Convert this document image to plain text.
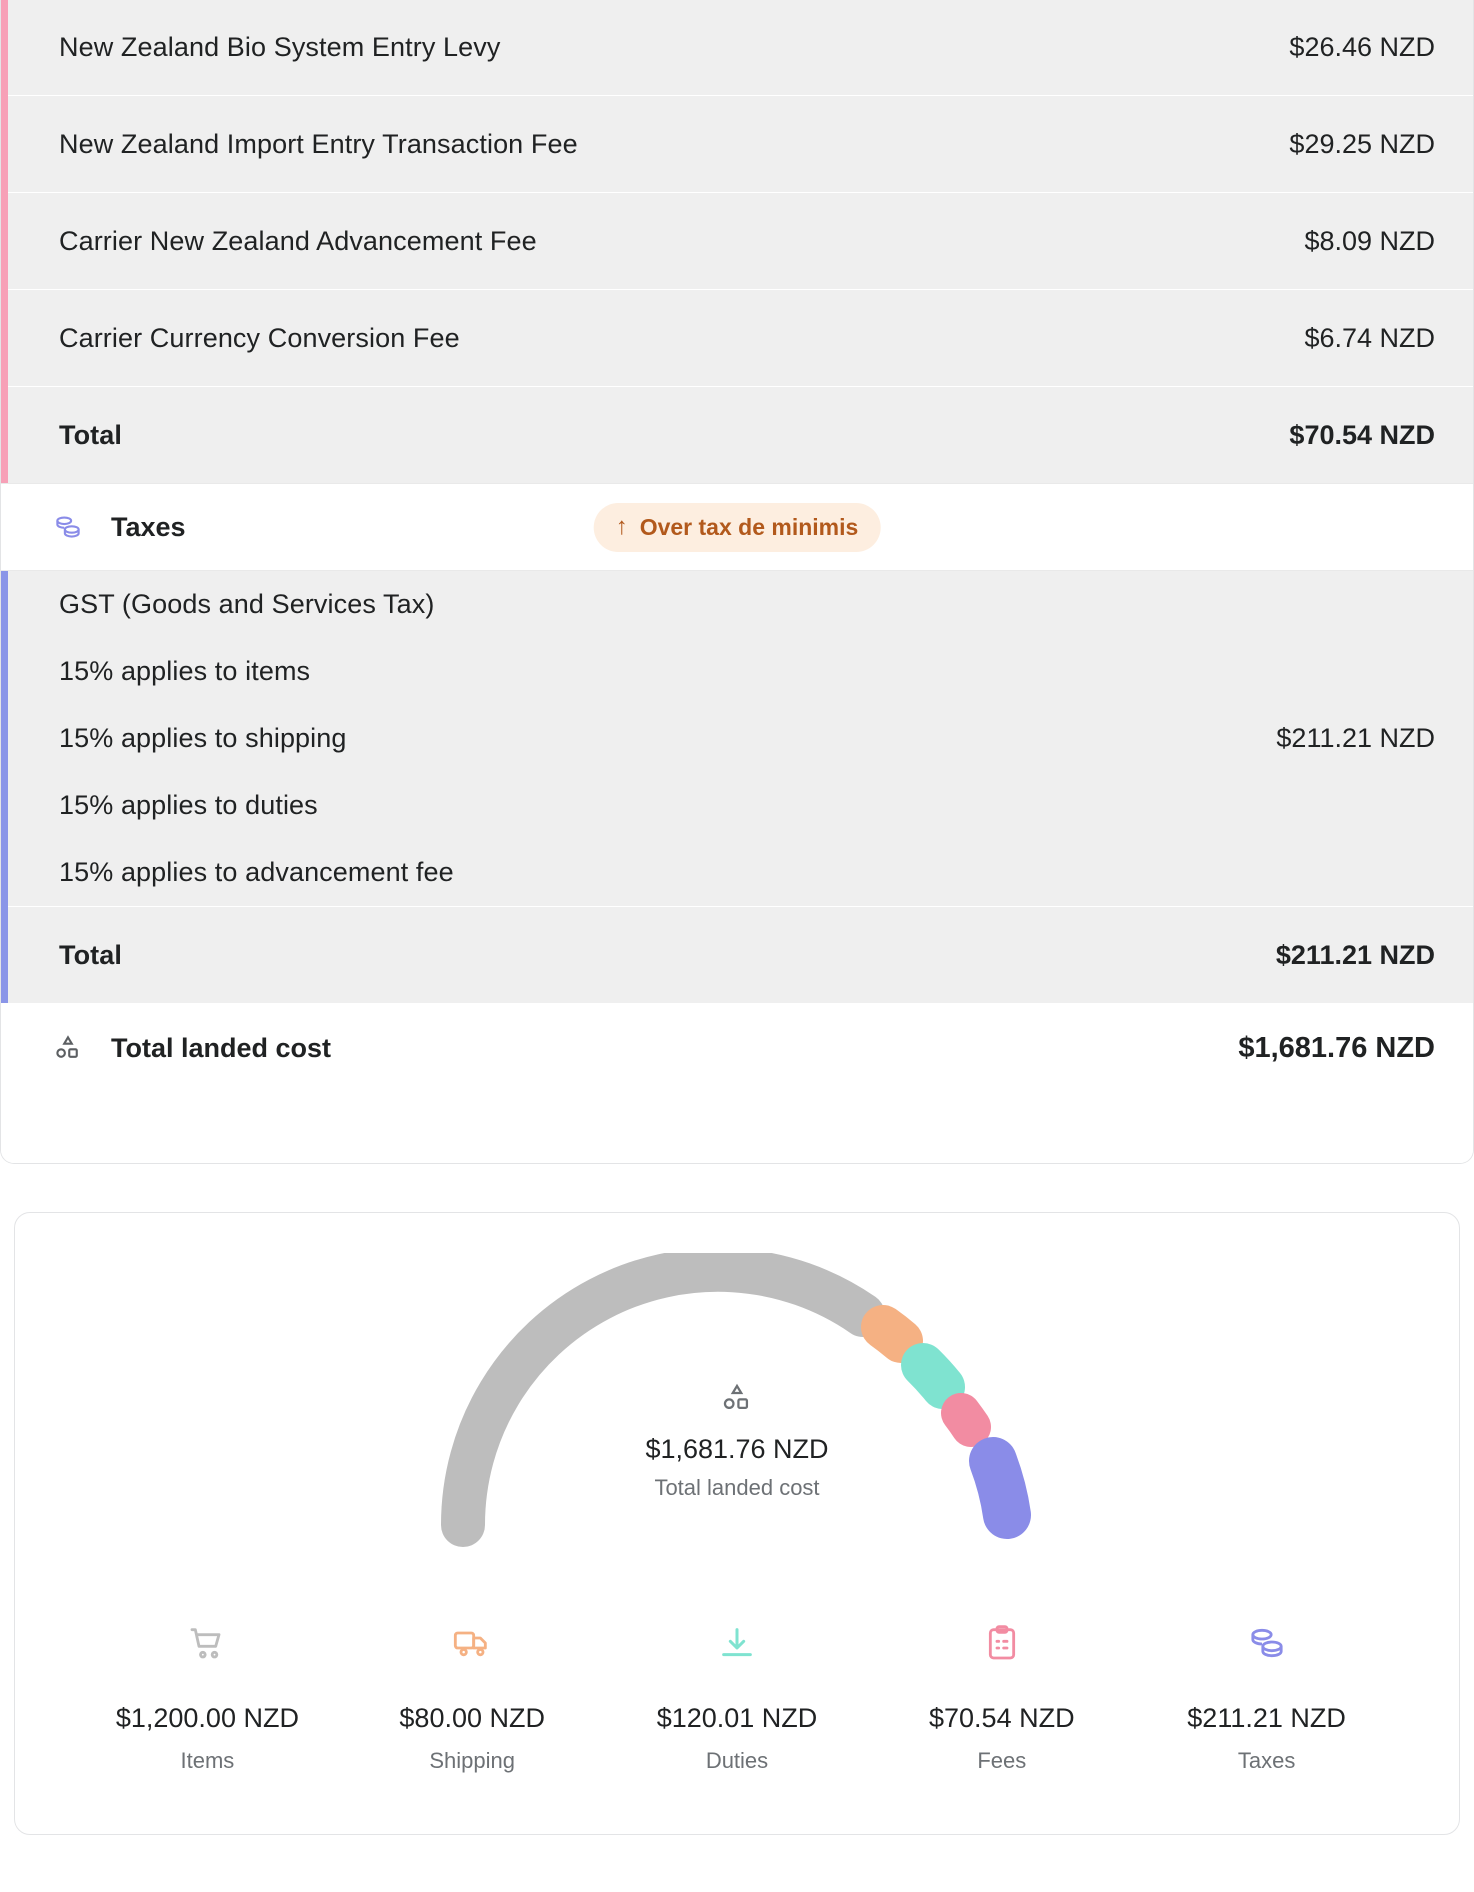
New Zealand Bio System Entry Levy	$26.46 NZD
New Zealand Import Entry Transaction Fee	$29.25 NZD
Carrier New Zealand Advancement Fee	$8.09 NZD
Carrier Currency Conversion Fee	$6.74 NZD
Total	$70.54 NZD
Taxes	↑ Over tax de minimis
GST (Goods and Services Tax)
15% applies to items
15% applies to shipping	$211.21 NZD
15% applies to duties
15% applies to advancement fee
Total	$211.21 NZD
Total landed cost	$1,681.76 NZD
$1,681.76 NZD
Total landed cost
$1,200.00 NZD
Items
$80.00 NZD
Shipping
$120.01 NZD
Duties
$70.54 NZD
Fees
$211.21 NZD
Taxes
